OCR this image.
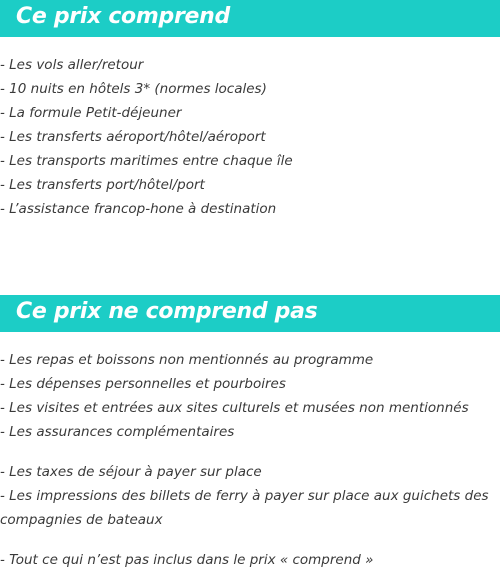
Ce prix comprend
- Les vols aller/retour
- 10 nuits en hôtels 3* (normes locales)
- La formule Petit-déjeuner
- Les transferts aéroport/hôtel/aéroport
- Les transports maritimes entre chaque île
- Les transferts port/hôtel/port
- L’assistance francop-hone à destination
Ce prix ne comprend pas
- Les repas et boissons non mentionnés au programme
- Les dépenses personnelles et pourboires
- Les visites et entrées aux sites culturels et musées non mentionnés
- Les assurances complémentaires
- Les taxes de séjour à payer sur place
- Les impressions des billets de ferry à payer sur place aux guichets des
compagnies de bateaux
- Tout ce qui n’est pas inclus dans le prix « comprend »
